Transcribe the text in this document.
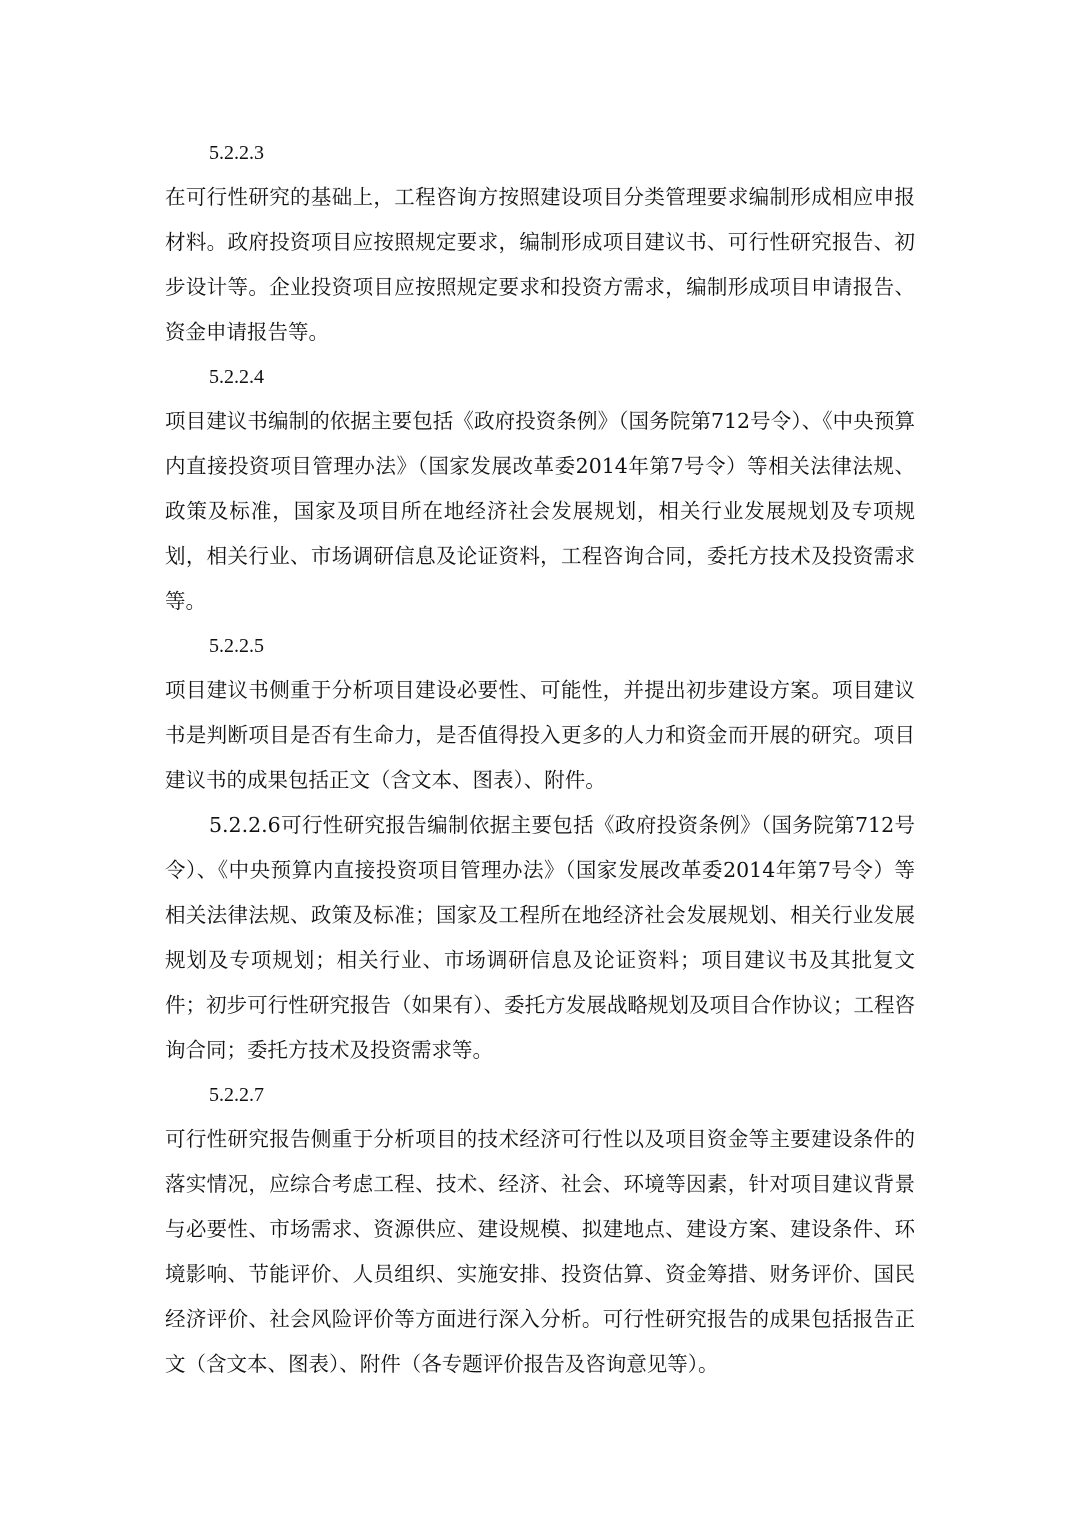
5.2.2.3

在可行性研究的基础上，工程咨询方按照建设项目分类管理要求编制形成相应申报材料。政府投资项目应按照规定要求，编制形成项目建议书、可行性研究报告、初步设计等。企业投资项目应按照规定要求和投资方需求，编制形成项目申请报告、资金申请报告等。

5.2.2.4

项目建议书编制的依据主要包括《政府投资条例》（国务院第712号令）、《中央预算内直接投资项目管理办法》（国家发展改革委2014年第7号令）等相关法律法规、政策及标准，国家及项目所在地经济社会发展规划，相关行业发展规划及专项规划，相关行业、市场调研信息及论证资料，工程咨询合同，委托方技术及投资需求等。

5.2.2.5

项目建议书侧重于分析项目建设必要性、可能性，并提出初步建设方案。项目建议书是判断项目是否有生命力，是否值得投入更多的人力和资金而开展的研究。项目建议书的成果包括正文（含文本、图表）、附件。

5.2.2.6可行性研究报告编制依据主要包括《政府投资条例》（国务院第712号令）、《中央预算内直接投资项目管理办法》（国家发展改革委2014年第7号令）等相关法律法规、政策及标准；国家及工程所在地经济社会发展规划、相关行业发展规划及专项规划；相关行业、市场调研信息及论证资料；项目建议书及其批复文件；初步可行性研究报告（如果有）、委托方发展战略规划及项目合作协议；工程咨询合同；委托方技术及投资需求等。

5.2.2.7

可行性研究报告侧重于分析项目的技术经济可行性以及项目资金等主要建设条件的落实情况，应综合考虑工程、技术、经济、社会、环境等因素，针对项目建议背景与必要性、市场需求、资源供应、建设规模、拟建地点、建设方案、建设条件、环境影响、节能评价、人员组织、实施安排、投资估算、资金筹措、财务评价、国民经济评价、社会风险评价等方面进行深入分析。可行性研究报告的成果包括报告正文（含文本、图表）、附件（各专题评价报告及咨询意见等）。
